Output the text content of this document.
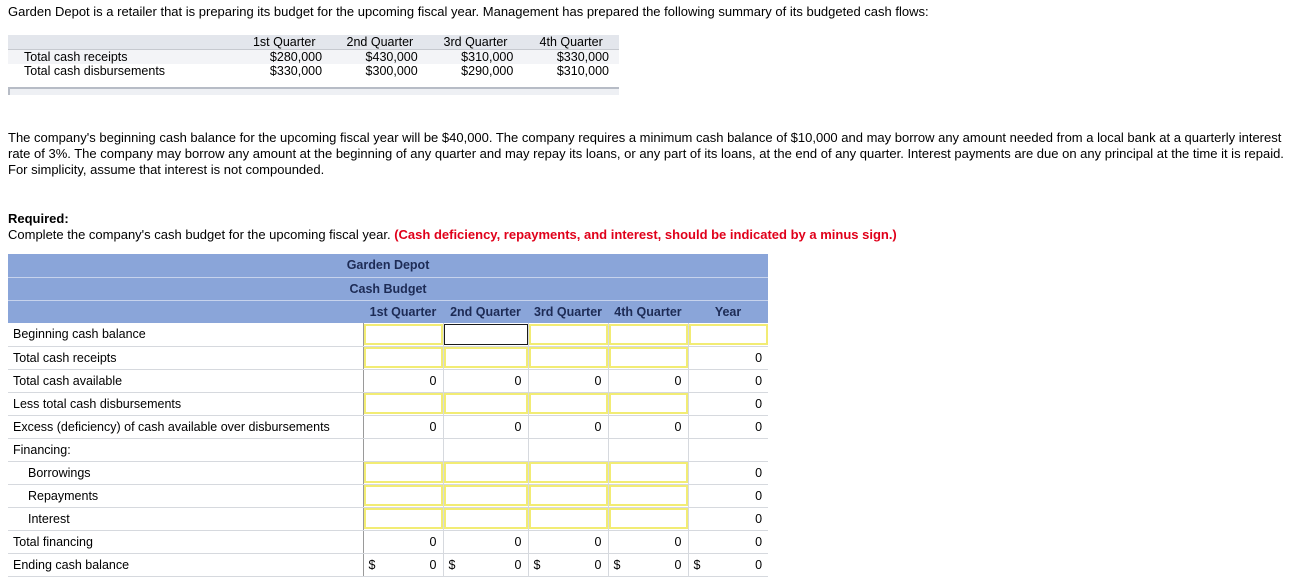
Garden Depot is a retailer that is preparing its budget for the upcoming fiscal year. Management has prepared the following summary of its budgeted cash flows:
	1st Quarter	2nd Quarter	3rd Quarter	4th Quarter
Total cash receipts	$280,000	$430,000	$310,000	$330,000
Total cash disbursements	$330,000	$300,000	$290,000	$310,000
The company's beginning cash balance for the upcoming fiscal year will be $40,000. The company requires a minimum cash balance of $10,000 and may borrow any amount needed from a local bank at a quarterly interest rate of 3%. The company may borrow any amount at the beginning of any quarter and may repay its loans, or any part of its loans, at the end of any quarter. Interest payments are due on any principal at the time it is repaid. For simplicity, assume that interest is not compounded.
Required:
Complete the company's cash budget for the upcoming fiscal year. (Cash deficiency, repayments, and interest, should be indicated by a minus sign.)
Garden Depot					
Cash Budget					
	1st Quarter	2nd Quarter	3rd Quarter	4th Quarter	Year
Beginning cash balance	

Total cash receipts					0

Total cash available	0	0	0	0	0

Less total cash disbursements					0

Excess (deficiency) of cash available over disbursements	0	0	0	0	0

Financing:					
Borrowings					0

Repayments					0

Interest					0

Total financing	0	0	0	0	0

Ending cash balance	$ 0	$ 0	$ 0	$ 0	$ 0
